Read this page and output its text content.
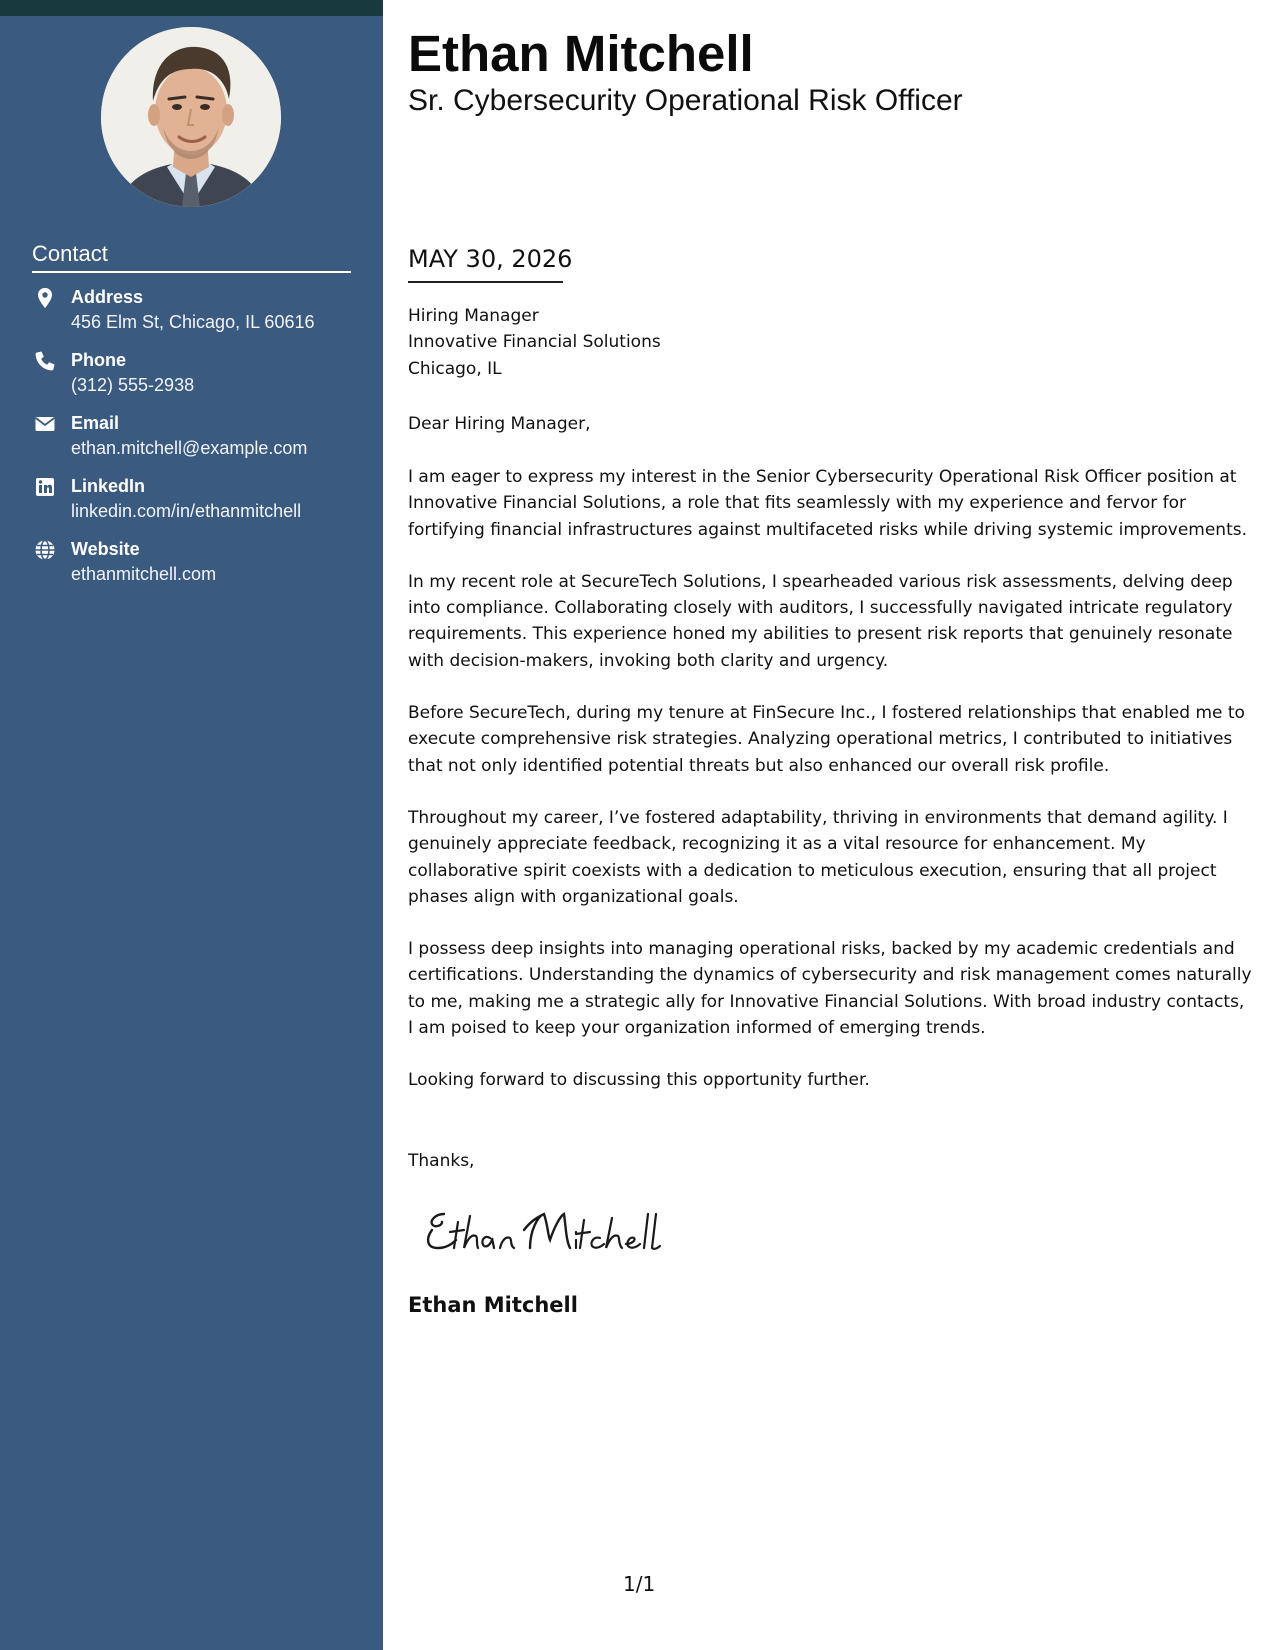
Contact
Address
456 Elm St, Chicago, IL 60616
Phone
(312) 555-2938
Email
ethan.mitchell@example.com
LinkedIn
linkedin.com/in/ethanmitchell
Website
ethanmitchell.com
Ethan Mitchell
Sr. Cybersecurity Operational Risk Officer
MAY 30, 2026
Hiring Manager
Innovative Financial Solutions
Chicago, IL
Dear Hiring Manager,

I am eager to express my interest in the Senior Cybersecurity Operational Risk Officer position at Innovative Financial Solutions, a role that fits seamlessly with my experience and fervor for fortifying financial infrastructures against multifaceted risks while driving systemic improvements.

In my recent role at SecureTech Solutions, I spearheaded various risk assessments, delving deep into compliance. Collaborating closely with auditors, I successfully navigated intricate regulatory requirements. This experience honed my abilities to present risk reports that genuinely resonate with decision-makers, invoking both clarity and urgency.

Before SecureTech, during my tenure at FinSecure Inc., I fostered relationships that enabled me to execute comprehensive risk strategies. Analyzing operational metrics, I contributed to initiatives that not only identified potential threats but also enhanced our overall risk profile.

Throughout my career, I’ve fostered adaptability, thriving in environments that demand agility. I genuinely appreciate feedback, recognizing it as a vital resource for enhancement. My collaborative spirit coexists with a dedication to meticulous execution, ensuring that all project phases align with organizational goals.

I possess deep insights into managing operational risks, backed by my academic credentials and certifications. Understanding the dynamics of cybersecurity and risk management comes naturally to me, making me a strategic ally for Innovative Financial Solutions. With broad industry contacts, I am poised to keep your organization informed of emerging trends.

Looking forward to discussing this opportunity further.

Thanks,
Ethan Mitchell
1/1
